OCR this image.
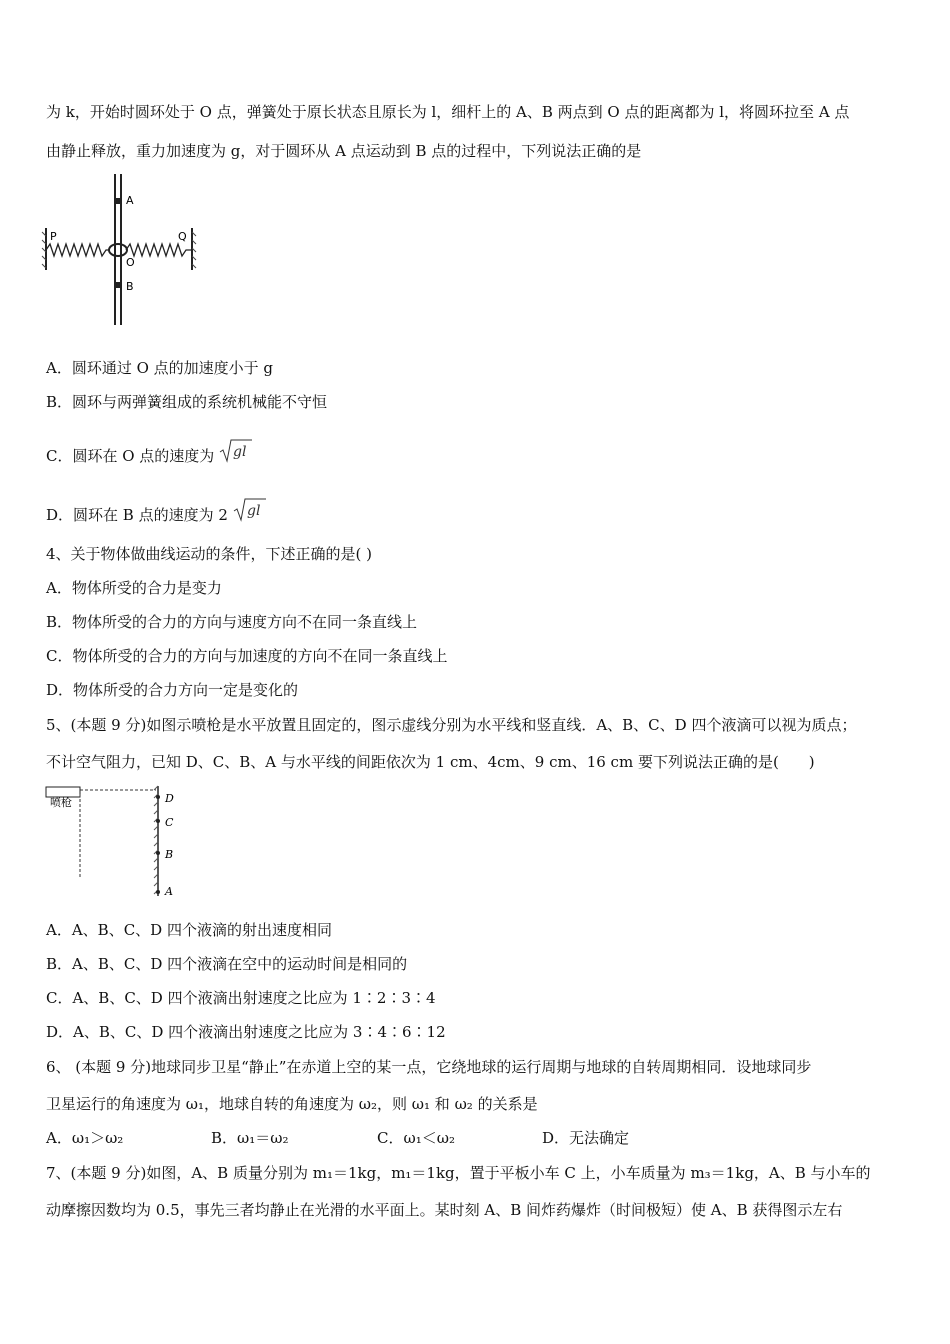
为 k，开始时圆环处于 O 点，弹簧处于原长状态且原长为 l，细杆上的 A、B 两点到 O 点的距离都为 l，将圆环拉至 A 点
由静止释放，重力加速度为 g，对于圆环从 A 点运动到 B 点的过程中，下列说法正确的是
A
O
B
P	Q
A．圆环通过 O 点的加速度小于 g
B．圆环与两弹簧组成的系统机械能不守恒
C．圆环在 O 点的速度为 gl
D．圆环在 B 点的速度为 2 gl
4、关于物体做曲线运动的条件，下述正确的是( )
A．物体所受的合力是变力
B．物体所受的合力的方向与速度方向不在同一条直线上
C．物体所受的合力的方向与加速度的方向不在同一条直线上
D．物体所受的合力方向一定是变化的
5、(本题 9 分)如图示喷枪是水平放置且固定的，图示虚线分别为水平线和竖直线．A、B、C、D 四个液滴可以视为质点；
不计空气阻力，已知 D、C、B、A 与水平线的间距依次为 1 cm、4cm、9 cm、16 cm 要下列说法正确的是(　　)
喷枪	D
C
B
A
A．A、B、C、D 四个液滴的射出速度相同
B．A、B、C、D 四个液滴在空中的运动时间是相同的
C．A、B、C、D 四个液滴出射速度之比应为 1∶2∶3∶4
D．A、B、C、D 四个液滴出射速度之比应为 3∶4∶6∶12
6、 (本题 9 分)地球同步卫星“静止”在赤道上空的某一点，它绕地球的运行周期与地球的自转周期相同．设地球同步
卫星运行的角速度为 ω₁，地球自转的角速度为 ω₂，则 ω₁ 和 ω₂ 的关系是
A．ω₁＞ω₂	B．ω₁＝ω₂	C．ω₁＜ω₂	D．无法确定
7、(本题 9 分)如图，A、B 质量分别为 m₁＝1kg，m₁＝1kg，置于平板小车 C 上，小车质量为 m₃＝1kg，A、B 与小车的
动摩擦因数均为 0.5，事先三者均静止在光滑的水平面上。某时刻 A、B 间炸药爆炸（时间极短）使 A、B 获得图示左右
